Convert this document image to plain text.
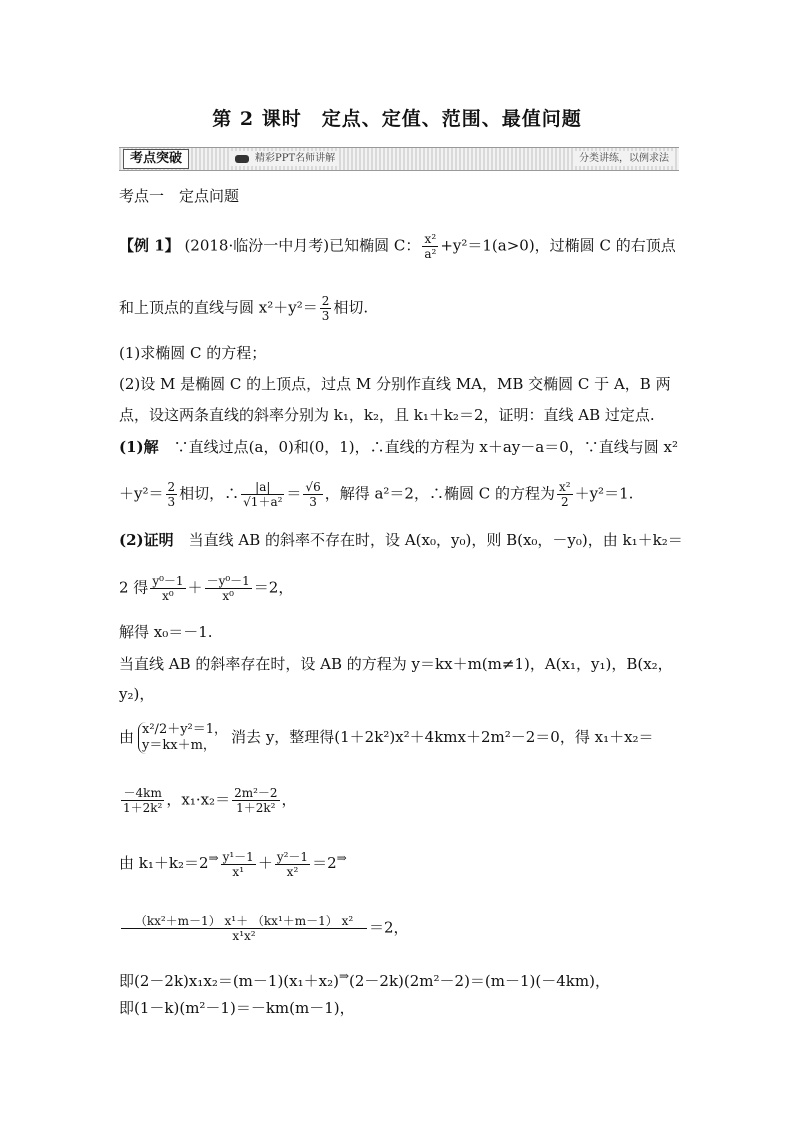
第 2 课时　定点、定值、范围、最值问题
考点突破	精彩PPT名师讲解	分类讲练，以例求法
考点一　定点问题
【例 1】 (2018·临汾一中月考)已知椭圆 C： $\frac{\text{x²}}{\text{a²}} +y^2=1(a>0)$，过椭圆 C 的右顶点
和上顶点的直线与圆 $x^2+y^2= \frac{2}{3}$ 相切.
(1)求椭圆 C 的方程；
(2)设 M 是椭圆 C 的上顶点，过点 M 分别作直线 MA，MB 交椭圆 C 于 A，B 两
点，设这两条直线的斜率分别为 k₁，k₂，且 k₁＋k₂＝2，证明：直线 AB 过定点.
(1)解　 ∵直线过点(a，0)和(0，1)，∴直线的方程为 x＋ay－a＝0，∵直线与圆 x²
$+y^2= \frac{2}{3}$ 相切，∴ $\frac{|a|}{\text{√1＋a²}} = \frac{√6}{3}$ ，解得 a²＝2，∴椭圆 C 的方程为 $\frac{\text{x²}}{2} +y^2=1$.
(2)证明　 当直线 AB 的斜率不存在时，设 A(x₀，y₀)，则 B(x₀，－y₀)，由 k₁＋k₂＝
2 得 $\frac{\text{y⁰－1}}{\text{x⁰}} + \frac{\text{－y⁰－1}}{\text{x⁰}} =2$，
解得 x₀＝－1.
当直线 AB 的斜率存在时，设 AB 的方程为 y＝kx＋m(m≠1)，A(x₁，y₁)，B(x₂，
y₂)，
由 x²/2＋y²＝1，
y＝kx＋m，	消去 y，整理得(1＋2k²)x²＋4kmx＋2m²－2＝0，得 x₁＋x₂＝
$\frac{-4km}{\text{1＋2k²}}$ ，$x_1\cdot x_2= \frac{\text{2m²－2}}{\text{1＋2k²}}$ ，
由 $k_1+k_2=2^\Rightarrow \frac{\text{y¹－1}}{\text{x¹}} + \frac{\text{y²－1}}{\text{x²}} =2^\Rightarrow$
$\frac{\text{（kx²＋m－1） x¹＋ （kx¹＋m－1） x²}}{\text{x¹x²}} =2$，
即(2－2k)x₁x₂＝(m－1)(x₁＋x₂)⇒(2－2k)(2m²－2)＝(m－1)(－4km)，
即(1－k)(m²－1)＝－km(m－1)，
